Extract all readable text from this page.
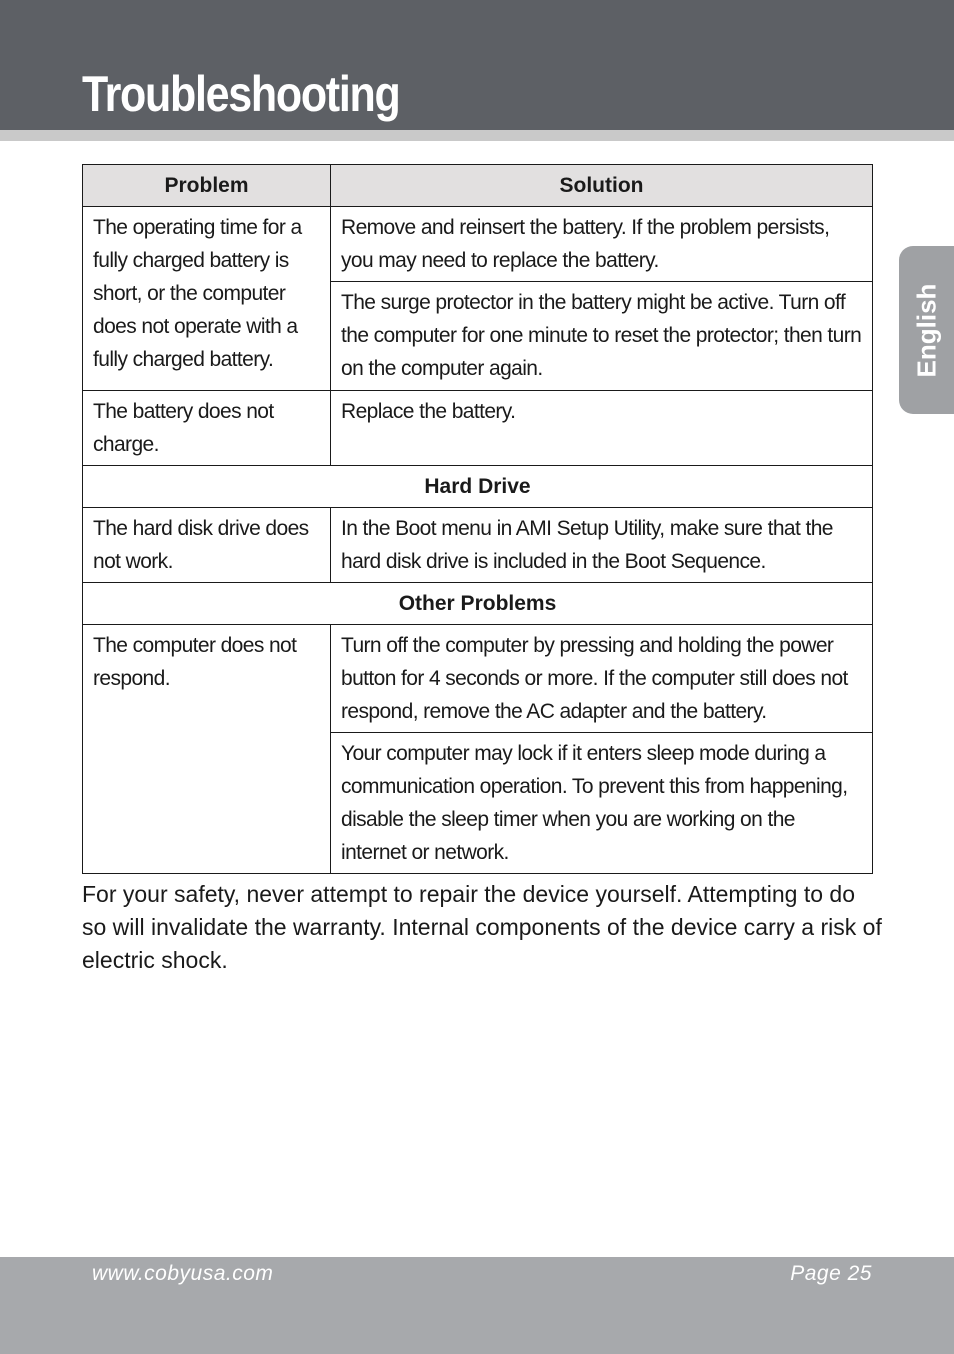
Troubleshooting
English
Problem	Solution

The operating time for a fully charged battery is short, or the computer does not operate with a fully charged battery.	Remove and reinsert the battery. If the problem persists, you may need to replace the battery.

	The surge protector in the battery might be active. Turn off the computer for one minute to reset the protector; then turn on the computer again.

The battery does not charge.	Replace the battery.

Hard Drive	

The hard disk drive does not work.	In the Boot menu in AMI Setup Utility, make sure that the hard disk drive is included in the Boot Sequence.

Other Problems	

The computer does not respond.	Turn off the computer by pressing and holding the power button for 4 seconds or more. If the computer still does not respond, remove the AC adapter and the battery.

	Your computer may lock if it enters sleep mode during a communication operation. To prevent this from happening, disable the sleep timer when you are working on the internet or network.

For your safety, never attempt to repair the device yourself. Attempting to do so will invalidate the warranty. Internal components of the device carry a risk of electric shock.

www.cobyusa.com	Page 25
